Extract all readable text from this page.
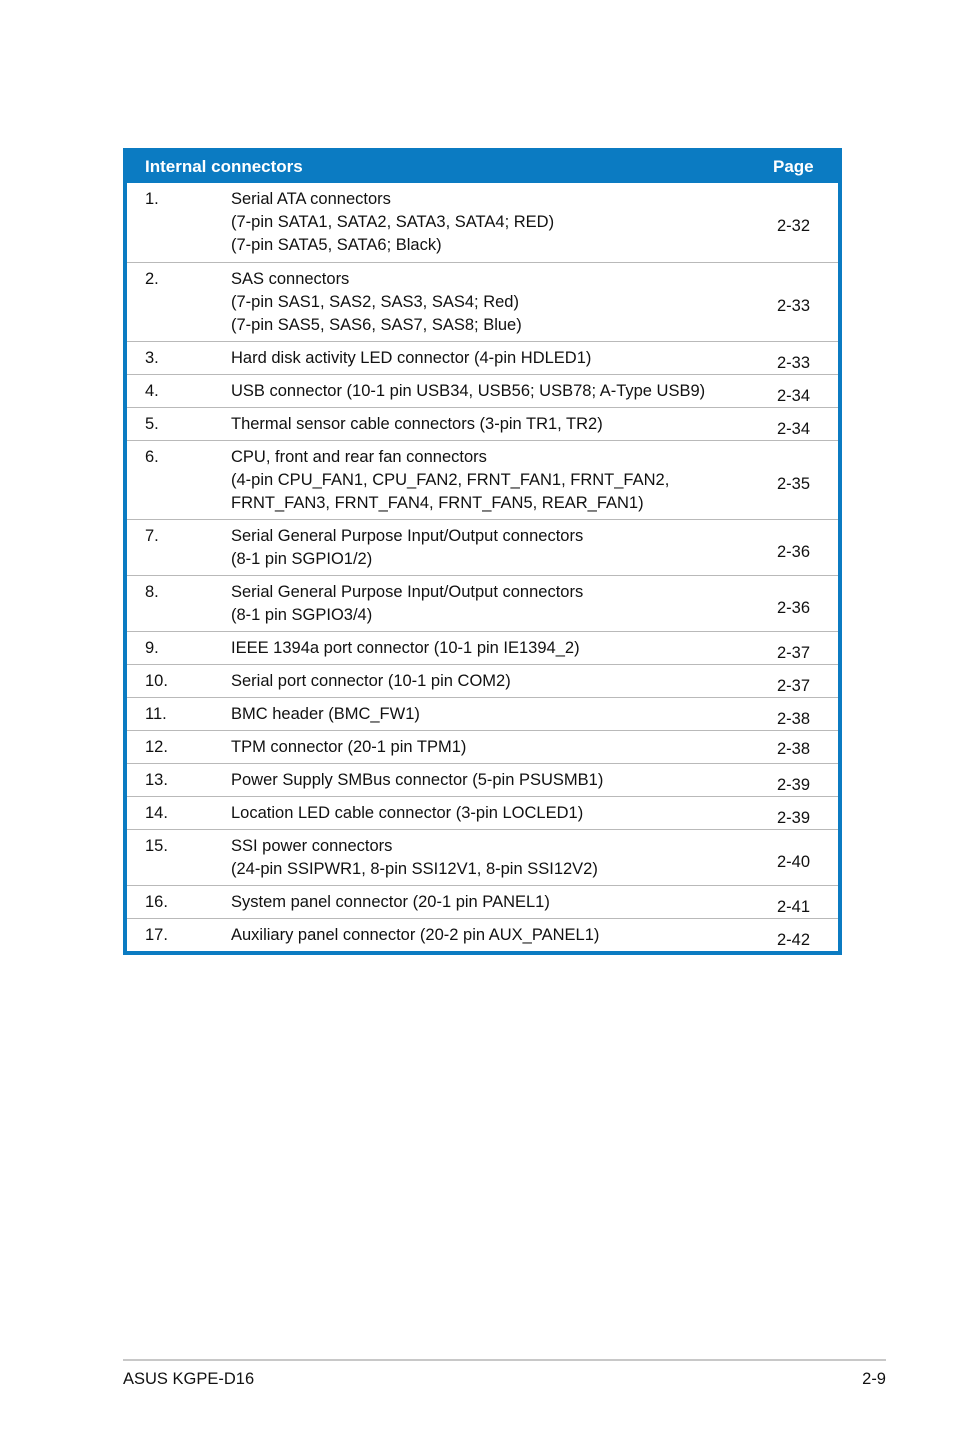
Internal connectors	Page
1.	Serial ATA connectors
(7-pin SATA1, SATA2, SATA3, SATA4; RED)
(7-pin SATA5, SATA6; Black)
2-32
2.	SAS connectors
(7-pin SAS1, SAS2, SAS3, SAS4; Red)
(7-pin SAS5, SAS6, SAS7, SAS8; Blue)
2-33
3.	Hard disk activity LED connector (4-pin HDLED1)	2-33
4.	USB connector (10-1 pin USB34, USB56; USB78; A-Type USB9)	2-34
5.	Thermal sensor cable connectors (3-pin TR1, TR2)	2-34
6.	CPU, front and rear fan connectors
(4-pin CPU_FAN1, CPU_FAN2, FRNT_FAN1, FRNT_FAN2,
FRNT_FAN3, FRNT_FAN4, FRNT_FAN5, REAR_FAN1)
2-35
7.	Serial General Purpose Input/Output connectors
(8-1 pin SGPIO1/2)	2-36
8.	Serial General Purpose Input/Output connectors
(8-1 pin SGPIO3/4)	2-36
9.	IEEE 1394a port connector (10-1 pin IE1394_2)	2-37
10.	Serial port connector (10-1 pin COM2)	2-37
11.	BMC header (BMC_FW1)	2-38
12.	TPM connector (20-1 pin TPM1)	2-38
13.	Power Supply SMBus connector (5-pin PSUSMB1)	2-39
14.	Location LED cable connector (3-pin LOCLED1)	2-39
15.	SSI power connectors
(24-pin SSIPWR1, 8-pin SSI12V1, 8-pin SSI12V2)	2-40
16.	System panel connector (20-1 pin PANEL1)	2-41
17.	Auxiliary panel connector (20-2 pin AUX_PANEL1)	2-42
ASUS KGPE-D16	2-9
